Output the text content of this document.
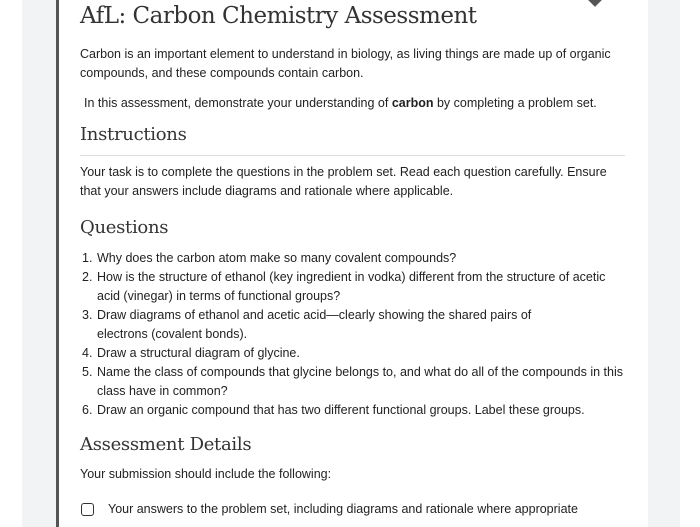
AfL: Carbon Chemistry Assessment

Carbon is an important element to understand in biology, as living things are made up of organic compounds, and these compounds contain carbon.

In this assessment, demonstrate your understanding of carbon by completing a problem set.

Instructions

Your task is to complete the questions in the problem set. Read each question carefully. Ensure that your answers include diagrams and rationale where applicable.

Questions
1. Why does the carbon atom make so many covalent compounds?
2. How is the structure of ethanol (key ingredient in vodka) different from the structure of acetic acid (vinegar) in terms of functional groups?
3. Draw diagrams of ethanol and acetic acid—clearly showing the shared pairs of electrons (covalent bonds).
4. Draw a structural diagram of glycine.
5. Name the class of compounds that glycine belongs to, and what do all of the compounds in this class have in common?
6. Draw an organic compound that has two different functional groups. Label these groups.
Assessment Details

Your submission should include the following:

Your answers to the problem set, including diagrams and rationale where appropriate
